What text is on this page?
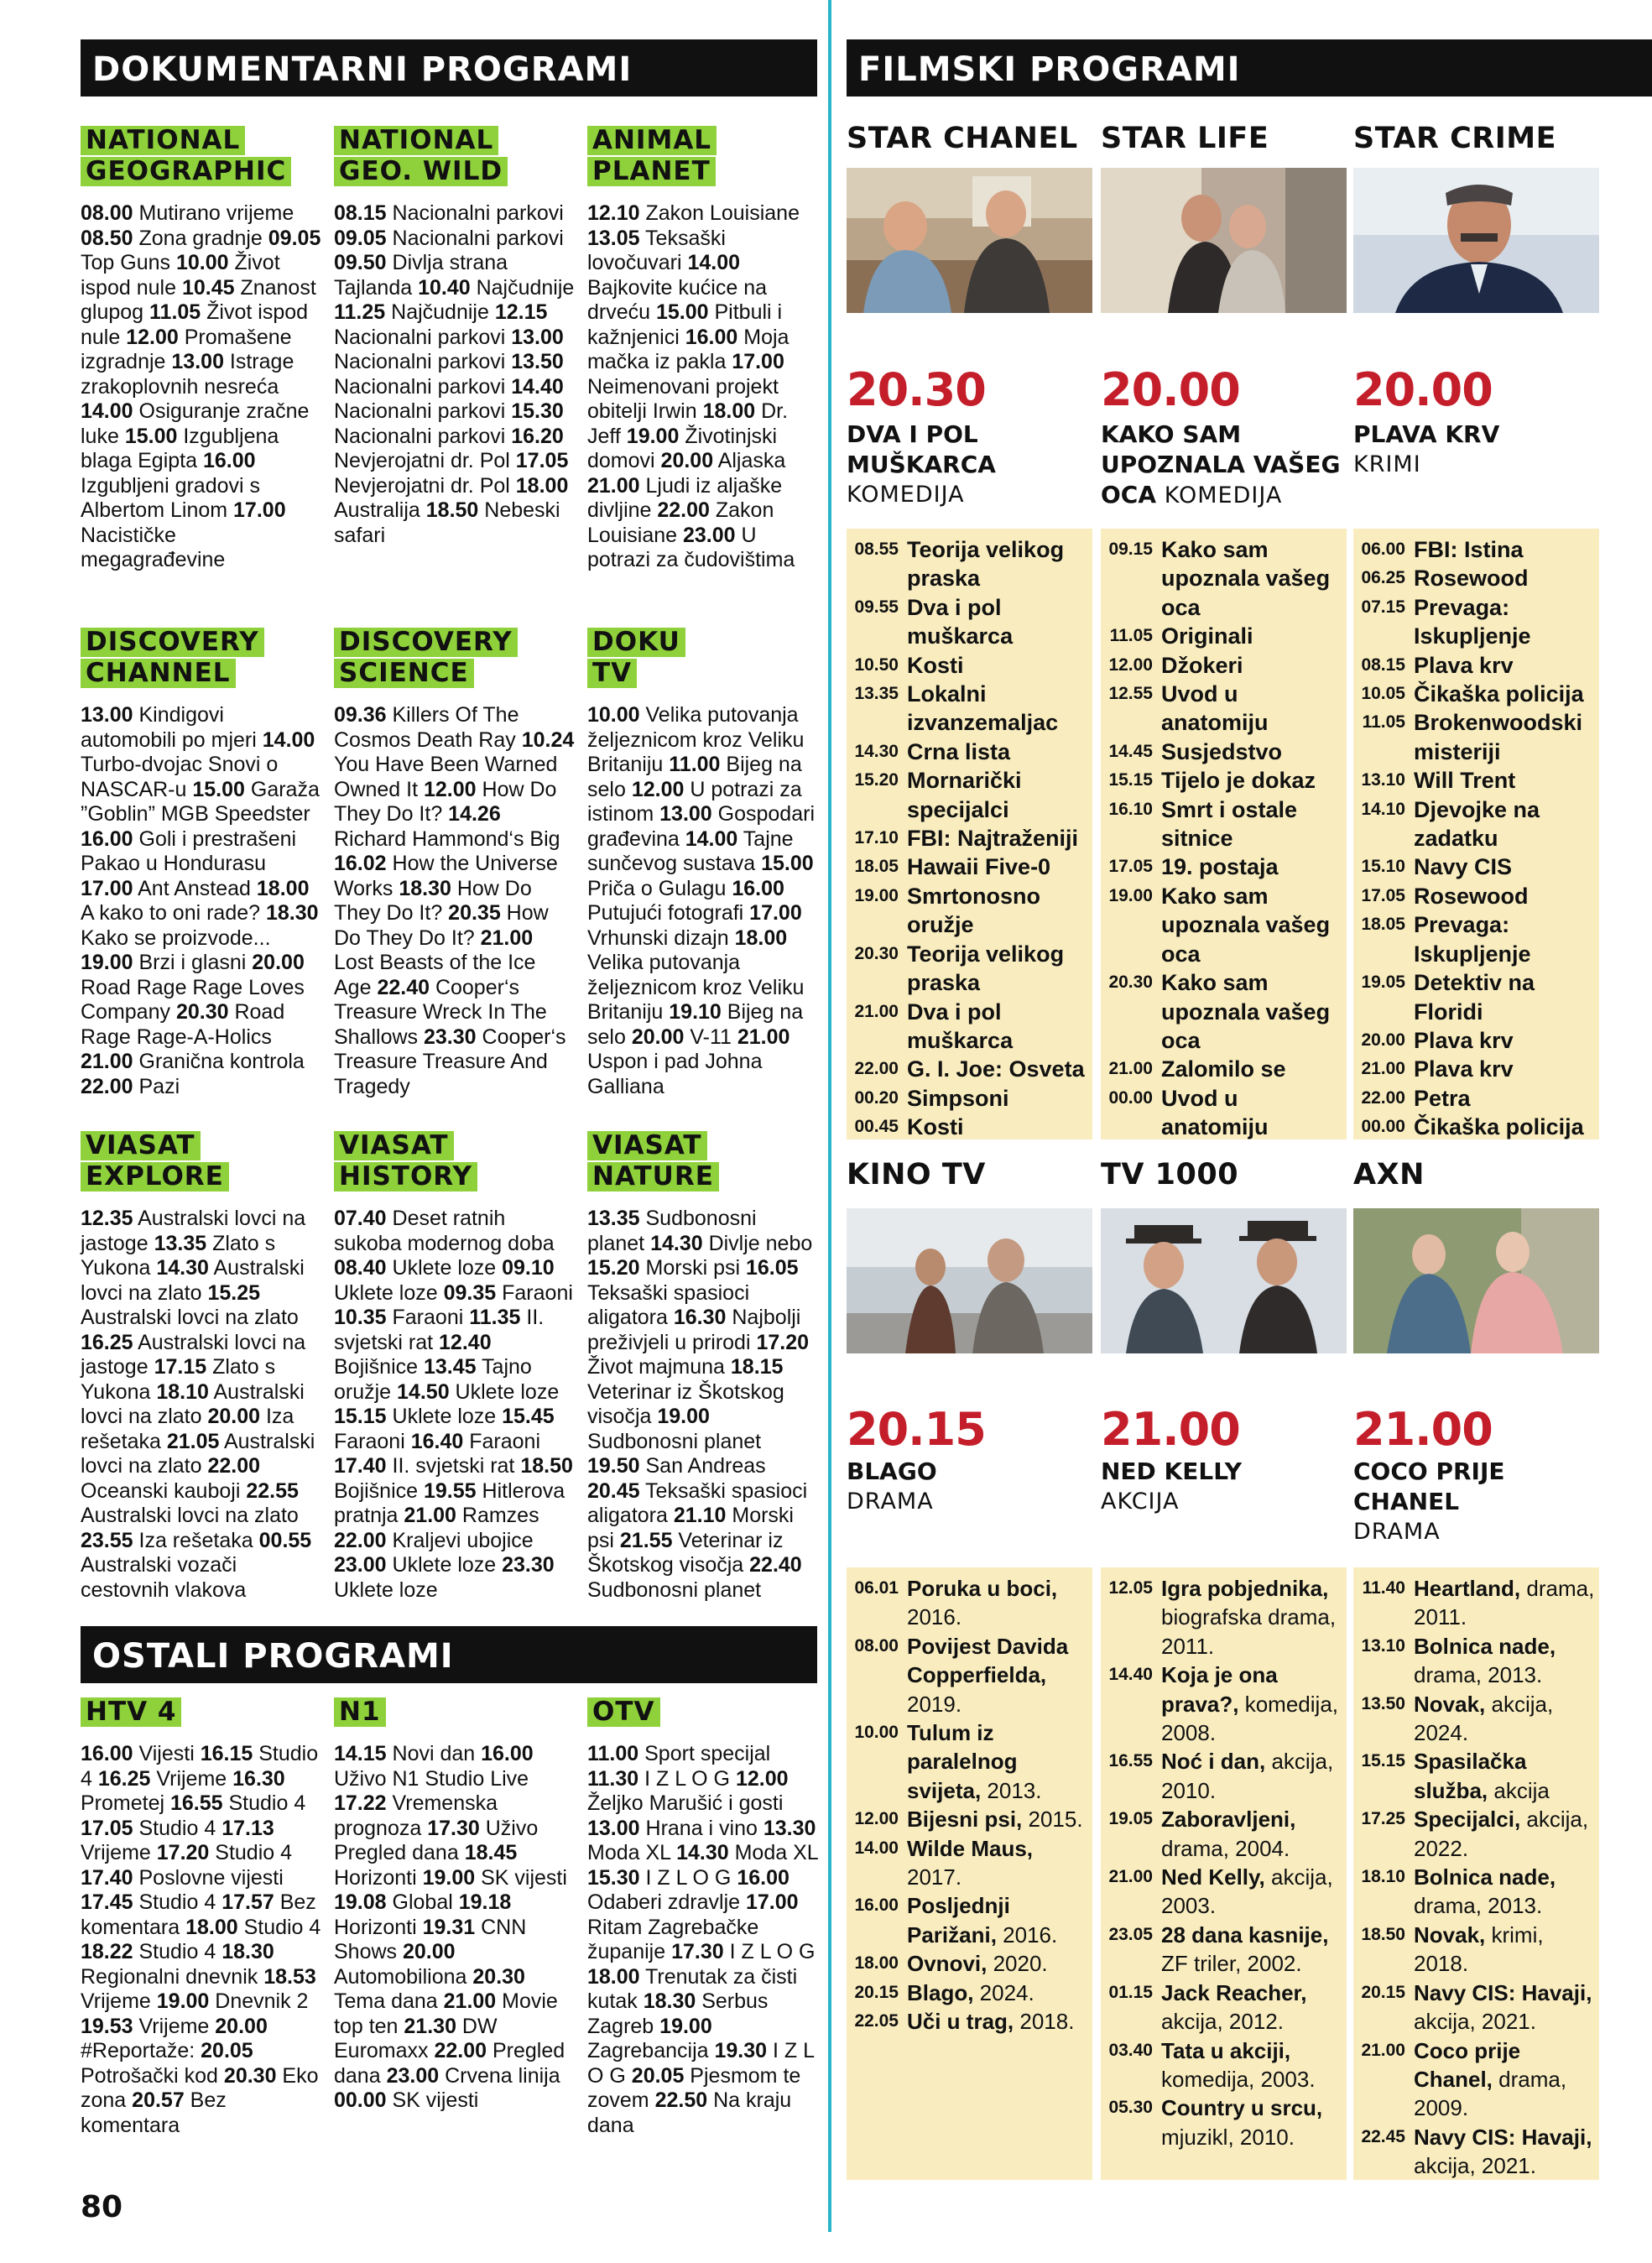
DOKUMENTARNI PROGRAMI	FILMSKI PROGRAMI
OSTALI PROGRAMI
NATIONAL
GEOGRAPHIC
08.00 Mutirano vrijeme 08.50 Zona gradnje 09.05 Top Guns 10.00 Život ispod nule 10.45 Znanost glupog 11.05 Život ispod nule 12.00 Promašene izgradnje 13.00 Istrage zrakoplovnih nesreća 14.00 Osiguranje zračne luke 15.00 Izgubljena blaga Egipta 16.00 Izgubljeni gradovi s Albertom Linom 17.00 Nacističke megagrađevine
NATIONAL
GEO. WILD
08.15 Nacionalni parkovi 09.05 Nacionalni parkovi 09.50 Divlja strana Tajlanda 10.40 Najčudnije 11.25 Najčudnije 12.15 Nacionalni parkovi 13.00 Nacionalni parkovi 13.50 Nacionalni parkovi 14.40 Nacionalni parkovi 15.30 Nacionalni parkovi 16.20 Nevjerojatni dr. Pol 17.05 Nevjerojatni dr. Pol 18.00 Australija 18.50 Nebeski safari
ANIMAL
PLANET
12.10 Zakon Louisiane 13.05 Teksaški lovočuvari 14.00 Bajkovite kućice na drveću 15.00 Pitbuli i kažnjenici 16.00 Moja mačka iz pakla 17.00 Neimenovani projekt obitelji Irwin 18.00 Dr. Jeff 19.00 Životinjski domovi 20.00 Aljaska 21.00 Ljudi iz aljaške divljine 22.00 Zakon Louisiane 23.00 U potrazi za čudovištima
DISCOVERY
CHANNEL
13.00 Kindigovi automobili po mjeri 14.00 Turbo-dvojac Snovi o NASCAR-u 15.00 Garaža ”Goblin” MGB Speedster 16.00 Goli i prestrašeni Pakao u Hondurasu 17.00 Ant Anstead 18.00 A kako to oni rade? 18.30 Kako se proizvode... 19.00 Brzi i glasni 20.00 Road Rage Rage Loves Company 20.30 Road Rage Rage-A-Holics 21.00 Granična kontrola 22.00 Pazi
DISCOVERY
SCIENCE
09.36 Killers Of The Cosmos Death Ray 10.24 You Have Been Warned Owned It 12.00 How Do They Do It? 14.26 Richard Hammond‘s Big 16.02 How the Universe Works 18.30 How Do They Do It? 20.35 How Do They Do It? 21.00 Lost Beasts of the Ice Age 22.40 Cooper‘s Treasure Wreck In The Shallows 23.30 Cooper‘s Treasure Treasure And Tragedy
DOKU
TV
10.00 Velika putovanja željeznicom kroz Veliku Britaniju 11.00 Bijeg na selo 12.00 U potrazi za istinom 13.00 Gospodari građevina 14.00 Tajne sunčevog sustava 15.00 Priča o Gulagu 16.00 Putujući fotografi 17.00 Vrhunski dizajn 18.00 Velika putovanja željeznicom kroz Veliku Britaniju 19.10 Bijeg na selo 20.00 V-11 21.00 Uspon i pad Johna Galliana
VIASAT
EXPLORE
12.35 Australski lovci na jastoge 13.35 Zlato s Yukona 14.30 Australski lovci na zlato 15.25 Australski lovci na zlato 16.25 Australski lovci na jastoge 17.15 Zlato s Yukona 18.10 Australski lovci na zlato 20.00 Iza rešetaka 21.05 Australski lovci na zlato 22.00 Oceanski kauboji 22.55 Australski lovci na zlato 23.55 Iza rešetaka 00.55 Australski vozači cestovnih vlakova
VIASAT
HISTORY
07.40 Deset ratnih sukoba modernog doba 08.40 Uklete loze 09.10 Uklete loze 09.35 Faraoni 10.35 Faraoni 11.35 II. svjetski rat 12.40 Bojišnice 13.45 Tajno oružje 14.50 Uklete loze 15.15 Uklete loze 15.45 Faraoni 16.40 Faraoni 17.40 II. svjetski rat 18.50 Bojišnice 19.55 Hitlerova pratnja 21.00 Ramzes 22.00 Kraljevi ubojice 23.00 Uklete loze 23.30 Uklete loze
VIASAT
NATURE
13.35 Sudbonosni planet 14.30 Divlje nebo 15.20 Morski psi 16.05 Teksaški spasioci aligatora 16.30 Najbolji preživjeli u prirodi 17.20 Život majmuna 18.15 Veterinar iz Škotskog visočja 19.00 Sudbonosni planet 19.50 San Andreas 20.45 Teksaški spasioci aligatora 21.10 Morski psi 21.55 Veterinar iz Škotskog visočja 22.40 Sudbonosni planet
HTV 4
16.00 Vijesti 16.15 Studio 4 16.25 Vrijeme 16.30 Prometej 16.55 Studio 4 17.05 Studio 4 17.13 Vrijeme 17.20 Studio 4 17.40 Poslovne vijesti 17.45 Studio 4 17.57 Bez komentara 18.00 Studio 4 18.22 Studio 4 18.30 Regionalni dnevnik 18.53 Vrijeme 19.00 Dnevnik 2 19.53 Vrijeme 20.00 #Reportaže: 20.05 Potrošački kod 20.30 Eko zona 20.57 Bez komentara
N1
14.15 Novi dan 16.00 Uživo N1 Studio Live 17.22 Vremenska prognoza 17.30 Uživo Pregled dana 18.45 Horizonti 19.00 SK vijesti 19.08 Global 19.18 Horizonti 19.31 CNN Shows 20.00 Automobiliona 20.30 Tema dana 21.00 Movie top ten 21.30 DW Euromaxx 22.00 Pregled dana 23.00 Crvena linija 00.00 SK vijesti
OTV
11.00 Sport specijal 11.30 I Z L O G 12.00 Željko Marušić i gosti 13.00 Hrana i vino 13.30 Moda XL 14.30 Moda XL 15.30 I Z L O G 16.00 Odaberi zdravlje 17.00 Ritam Zagrebačke županije 17.30 I Z L O G 18.00 Trenutak za čisti kutak 18.30 Serbus Zagreb 19.00 Zagrebancija 19.30 I Z L O G 20.05 Pjesmom te zovem 22.50 Na kraju dana
STAR CHANEL STAR LIFE	STAR CRIME
20.30	20.00	20.00
DVA I POL
MUŠKARCA
KOMEDIJA
KAKO SAM
UPOZNALA VAŠEG
OCA KOMEDIJA
PLAVA KRV
KRIMI
08.55 Teorija velikog praska
09.55 Dva i pol muškarca
10.50 Kosti
13.35 Lokalni izvanzemaljac
14.30 Crna lista
15.20 Mornarički specijalci
17.10 FBI: Najtraženiji
18.05 Hawaii Five-0
19.00 Smrtonosno oružje
20.30 Teorija velikog praska
21.00 Dva i pol muškarca
22.00 G. I. Joe: Osveta
00.20 Simpsoni
00.45 Kosti
09.15 Kako sam upoznala vašeg oca
11.05 Originali
12.00 Džokeri
12.55 Uvod u anatomiju
14.45 Susjedstvo
15.15 Tijelo je dokaz
16.10 Smrt i ostale sitnice
17.05 19. postaja
19.00 Kako sam upoznala vašeg oca
20.30 Kako sam upoznala vašeg oca
21.00 Zalomilo se
00.00 Uvod u anatomiju
06.00 FBI: Istina
06.25 Rosewood
07.15 Prevaga: Iskupljenje
08.15 Plava krv
10.05 Čikaška policija
11.05 Brokenwoodski misteriji
13.10 Will Trent
14.10 Djevojke na zadatku
15.10 Navy CIS
17.05 Rosewood
18.05 Prevaga: Iskupljenje
19.05 Detektiv na Floridi
20.00 Plava krv
21.00 Plava krv
22.00 Petra
00.00 Čikaška policija
KINO TV	TV 1000	AXN
20.15	21.00	21.00
BLAGO
DRAMA
NED KELLY
AKCIJA
COCO PRIJE
CHANEL
DRAMA
06.01 Poruka u boci, 2016.
08.00 Povijest Davida Copperfielda, 2019.
10.00 Tulum iz paralelnog svijeta, 2013.
12.00 Bijesni psi, 2015.
14.00 Wilde Maus, 2017.
16.00 Posljednji Parižani, 2016.
18.00 Ovnovi, 2020.
20.15 Blago, 2024.
22.05 Uči u trag, 2018.
12.05 Igra pobjednika, biografska drama, 2011.
14.40 Koja je ona prava?, komedija, 2008.
16.55 Noć i dan, akcija, 2010.
19.05 Zaboravljeni, drama, 2004.
21.00 Ned Kelly, akcija, 2003.
23.05 28 dana kasnije, ZF triler, 2002.
01.15 Jack Reacher, akcija, 2012.
03.40 Tata u akciji, komedija, 2003.
05.30 Country u srcu, mjuzikl, 2010.
11.40 Heartland, drama, 2011.
13.10 Bolnica nade, drama, 2013.
13.50 Novak, akcija, 2024.
15.15 Spasilačka služba, akcija
17.25 Specijalci, akcija, 2022.
18.10 Bolnica nade, drama, 2013.
18.50 Novak, krimi, 2018.
20.15 Navy CIS: Havaji, akcija, 2021.
21.00 Coco prije Chanel, drama, 2009.
22.45 Navy CIS: Havaji, akcija, 2021.
80
